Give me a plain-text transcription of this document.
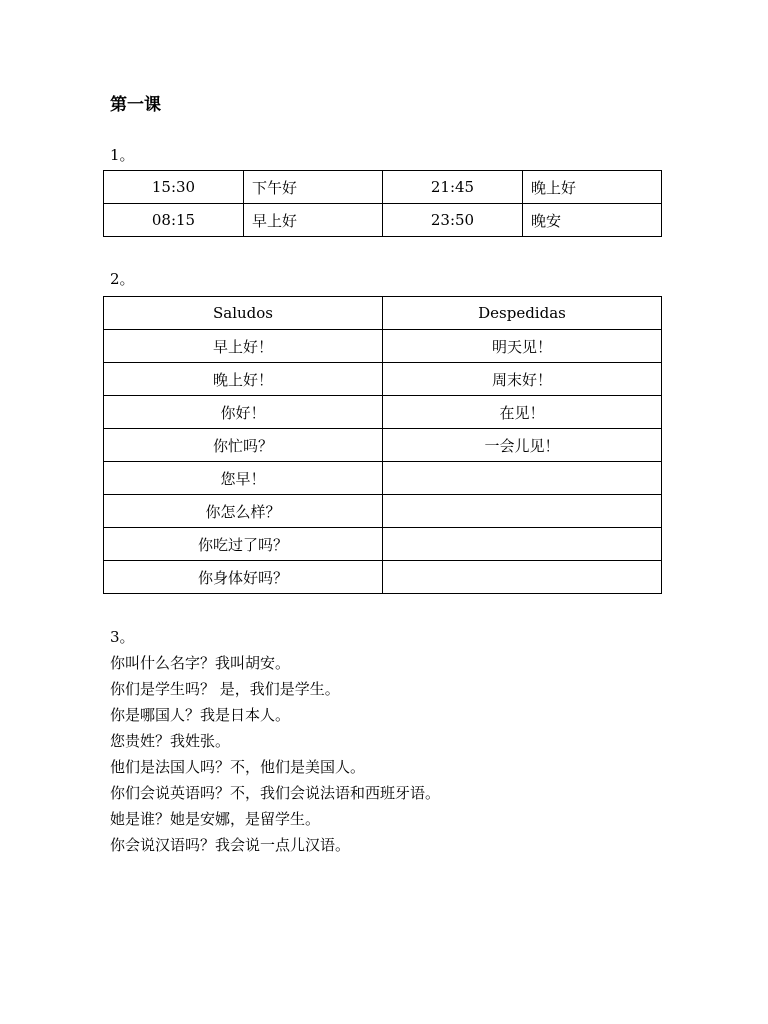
第一课
1。
15:30	下午好	21:45	晚上好
08:15	早上好	23:50	晚安
2。
Saludos	Despedidas
早上好！	明天见！
晚上好！	周末好！
你好！	在见！
你忙吗？	一会儿见！
您早！	
你怎么样？	
你吃过了吗？	
你身体好吗？	
3。
你叫什么名字？我叫胡安。
你们是学生吗？ 是，我们是学生。
你是哪国人？我是日本人。
您贵姓？我姓张。
他们是法国人吗？不，他们是美国人。
你们会说英语吗？不，我们会说法语和西班牙语。
她是谁？她是安娜，是留学生。
你会说汉语吗？我会说一点儿汉语。
